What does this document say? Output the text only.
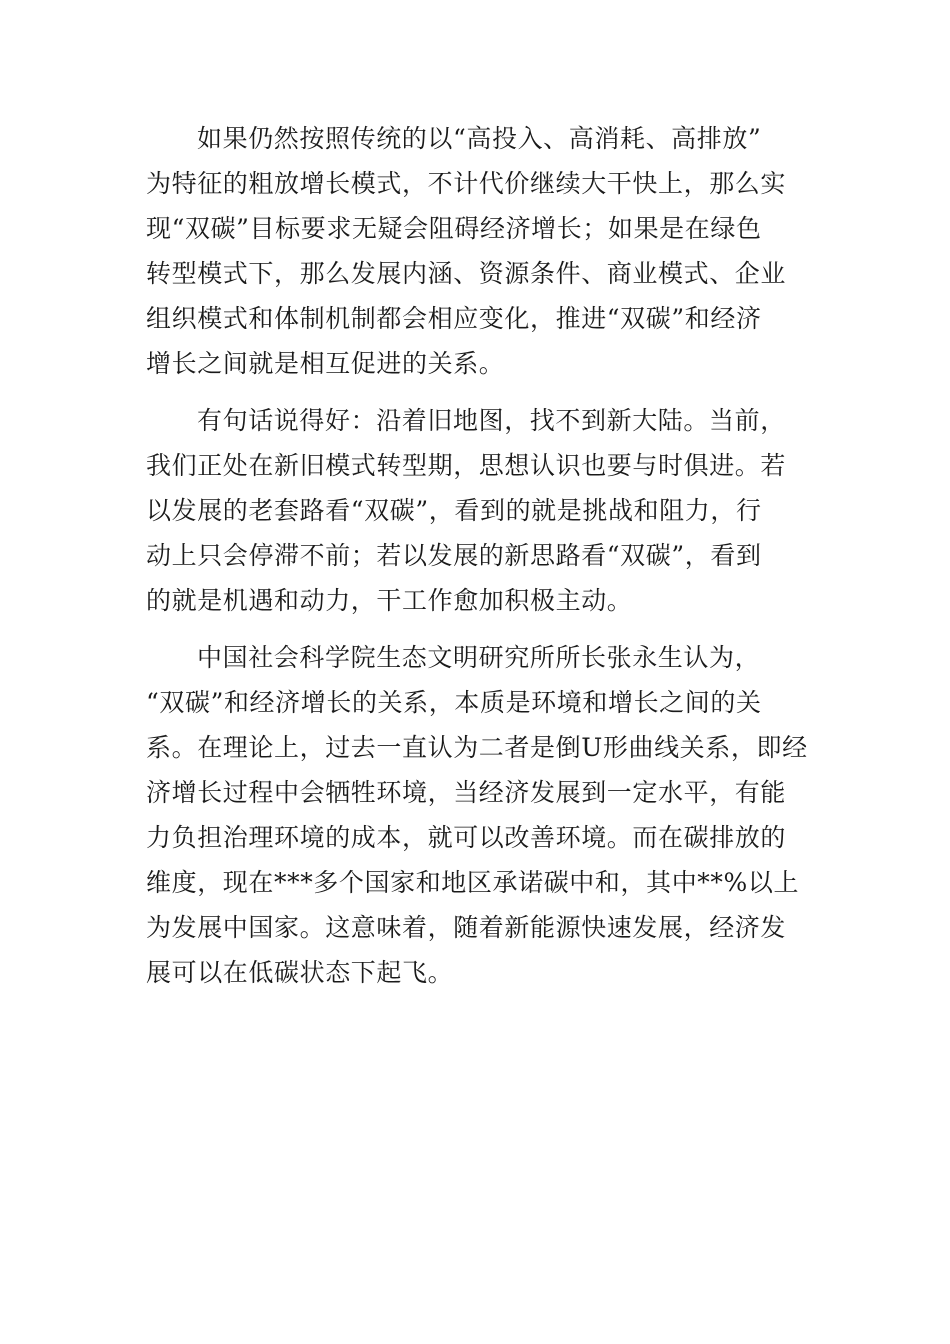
如果仍然按照传统的以“高投入、高消耗、高排放”
为特征的粗放增长模式，不计代价继续大干快上，那么实
现“双碳”目标要求无疑会阻碍经济增长；如果是在绿色
转型模式下，那么发展内涵、资源条件、商业模式、企业
组织模式和体制机制都会相应变化，推进“双碳”和经济
增长之间就是相互促进的关系。

有句话说得好：沿着旧地图，找不到新大陆。当前，
我们正处在新旧模式转型期，思想认识也要与时俱进。若
以发展的老套路看“双碳”，看到的就是挑战和阻力，行
动上只会停滞不前；若以发展的新思路看“双碳”，看到
的就是机遇和动力，干工作愈加积极主动。

中国社会科学院生态文明研究所所长张永生认为，
“双碳”和经济增长的关系，本质是环境和增长之间的关
系。在理论上，过去一直认为二者是倒U形曲线关系，即经
济增长过程中会牺牲环境，当经济发展到一定水平，有能
力负担治理环境的成本，就可以改善环境。而在碳排放的
维度，现在***多个国家和地区承诺碳中和，其中**%以上
为发展中国家。这意味着，随着新能源快速发展，经济发
展可以在低碳状态下起飞。
